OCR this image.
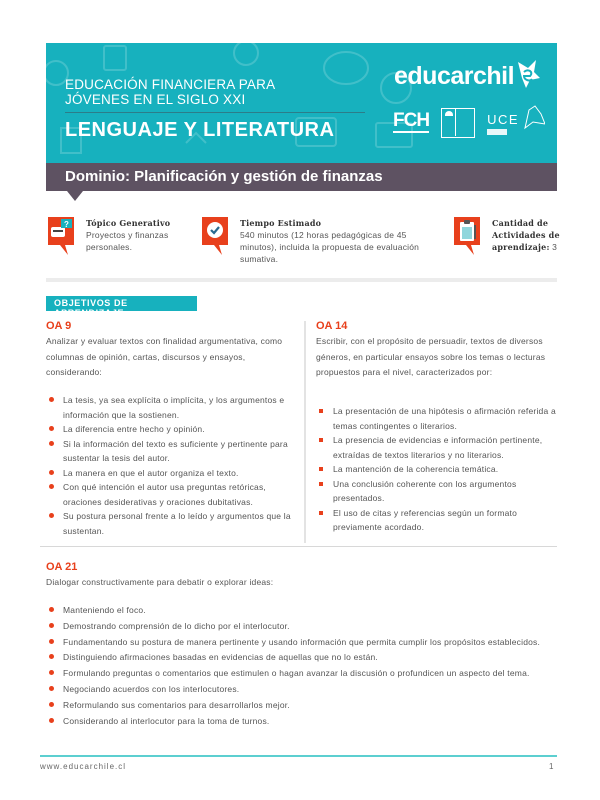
EDUCACIÓN FINANCIERA PARA
JÓVENES EN EL SIGLO XXI
LENGUAJE Y LITERATURA
educarchil
FCH	UCE
Dominio: Planificación y gestión de finanzas
? Tópico Generativo
Proyectos y finanzas personales.
Tiempo Estimado
540 minutos (12 horas pedagógicas de 45 minutos), incluida la propuesta de evaluación sumativa.
Cantidad de Actividades de aprendizaje: 3
OBJETIVOS DE APRENDIZAJE
OA 9
Analizar y evaluar textos con finalidad argumentativa, como columnas de opinión, cartas, discursos y ensayos, considerando:
La tesis, ya sea explícita o implícita, y los argumentos e información que la sostienen.
La diferencia entre hecho y opinión.
Si la información del texto es suficiente y pertinente para sustentar la tesis del autor.
La manera en que el autor organiza el texto.
Con qué intención el autor usa preguntas retóricas, oraciones desiderativas y oraciones dubitativas.
Su postura personal frente a lo leído y argumentos que la sustentan.
OA 14
Escribir, con el propósito de persuadir, textos de diversos géneros, en particular ensayos sobre los temas o lecturas propuestos para el nivel, caracterizados por:
La presentación de una hipótesis o afirmación referida a temas contingentes o literarios.
La presencia de evidencias e información pertinente, extraídas de textos literarios y no literarios.
La mantención de la coherencia temática.
Una conclusión coherente con los argumentos presentados.
El uso de citas y referencias según un formato previamente acordado.
OA 21
Dialogar constructivamente para debatir o explorar ideas:
Manteniendo el foco.
Demostrando comprensión de lo dicho por el interlocutor.
Fundamentando su postura de manera pertinente y usando información que permita cumplir los propósitos establecidos.
Distinguiendo afirmaciones basadas en evidencias de aquellas que no lo están.
Formulando preguntas o comentarios que estimulen o hagan avanzar la discusión o profundicen un aspecto del tema.
Negociando acuerdos con los interlocutores.
Reformulando sus comentarios para desarrollarlos mejor.
Considerando al interlocutor para la toma de turnos.
www.educarchile.cl	1
